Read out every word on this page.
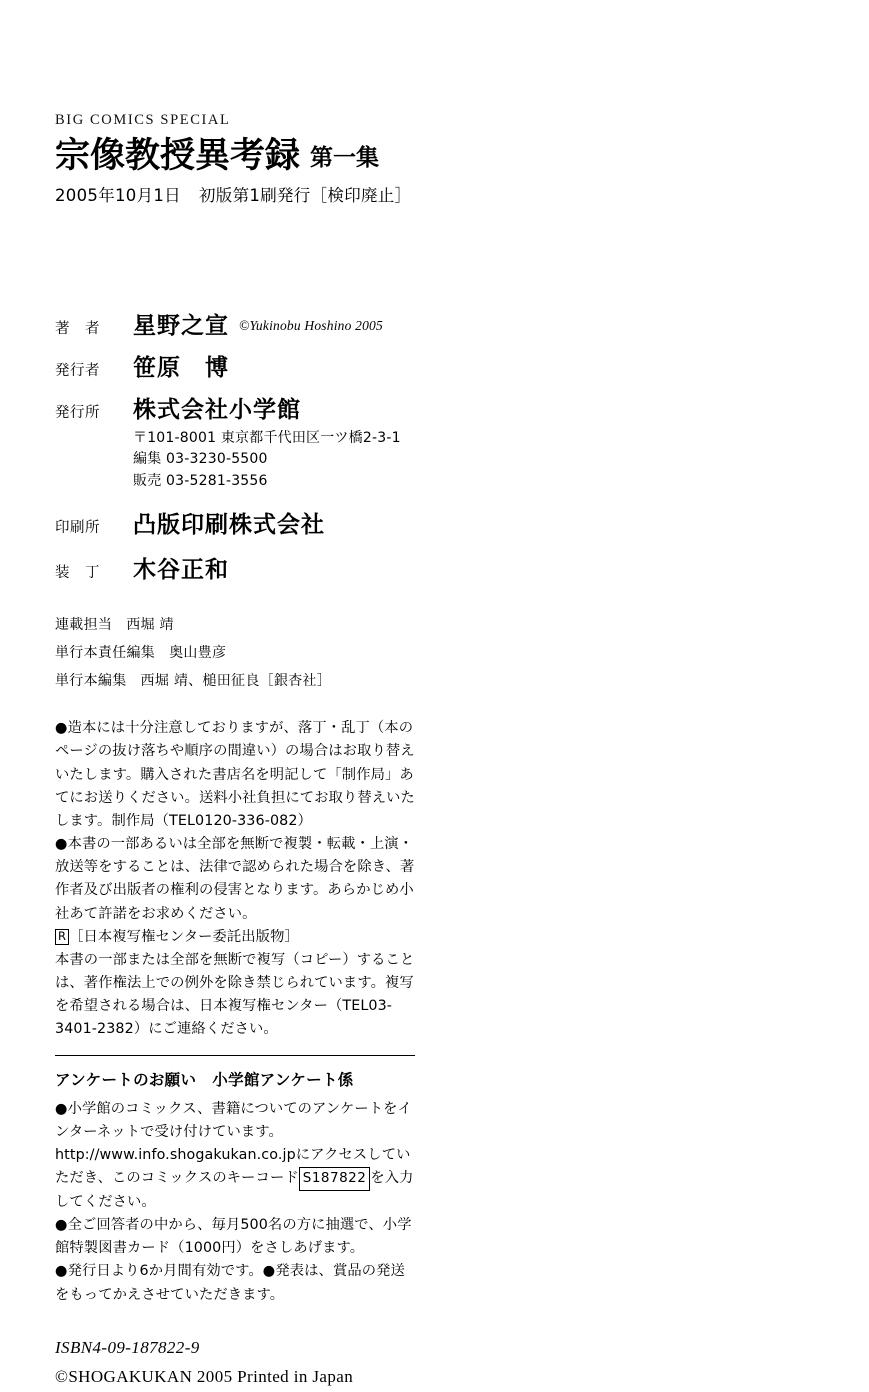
BIG COMICS SPECIAL
宗像教授異考録 第一集
2005年10月1日 初版第1刷発行［検印廃止］
著　者	星野之宣 ©Yukinobu Hoshino 2005
発行者	笹原　博
発行所	株式会社小学館
〒101-8001 東京都千代田区一ツ橋2-3-1
編集 03-3230-5500
販売 03-5281-3556
印刷所	凸版印刷株式会社
装　丁	木谷正和
連載担当 西堀 靖
単行本責任編集 奥山豊彦
単行本編集 西堀 靖、槌田征良［銀杏社］

●造本には十分注意しておりますが、落丁・乱丁（本のページの抜け落ちや順序の間違い）の場合はお取り替えいたします。購入された書店名を明記して「制作局」あてにお送りください。送料小社負担にてお取り替えいたします。制作局（TEL0120-336-082）

●本書の一部あるいは全部を無断で複製・転載・上演・放送等をすることは、法律で認められた場合を除き、著作者及び出版者の権利の侵害となります。あらかじめ小社あて許諾をお求めください。

R ［日本複写権センター委託出版物］

本書の一部または全部を無断で複写（コピー）することは、著作権法上での例外を除き禁じられています。複写を希望される場合は、日本複写権センター（TEL03-3401-2382）にご連絡ください。

アンケートのお願い 小学館アンケート係

●小学館のコミックス、書籍についてのアンケートをインターネットで受け付けています。http://www.info.shogakukan.co.jpにアクセスしていただき、このコミックスのキーコード S187822 を入力してください。

●全ご回答者の中から、毎月500名の方に抽選で、小学館特製図書カード（1000円）をさしあげます。

●発行日より6か月間有効です。●発表は、賞品の発送をもってかえさせていただきます。

ISBN4-09-187822-9
©SHOGAKUKAN 2005 Printed in Japan
